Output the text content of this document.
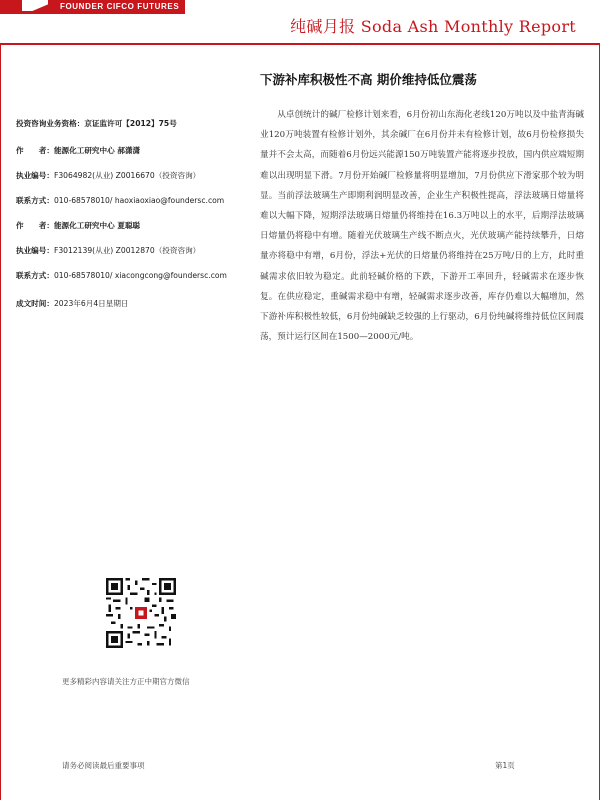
FOUNDER CIFCO FUTURES
纯碱月报 Soda Ash Monthly Report
下游补库积极性不高 期价维持低位震荡
投资咨询业务资格：京证监许可【2012】75号
作　　者：能源化工研究中心 郝潇潇
执业编号：F3064982(从业) Z0016670（投资咨询）
联系方式：010-68578010/ haoxiaoxiao@foundersc.com
作　　者：能源化工研究中心 夏聪聪
执业编号：F3012139(从业) Z0012870（投资咨询）
联系方式：010-68578010/ xiacongcong@foundersc.com
成文时间：2023年6月4日星期日
从卓创统计的碱厂检修计划来看，6月份初山东海化老线120万吨以及中盐青海碱业120万吨装置有检修计划外，其余碱厂在6月份并未有检修计划，故6月份检修损失量并不会太高，而随着6月份远兴能源150万吨装置产能将逐步投放，国内供应端短期难以出现明显下滑。7月份开始碱厂检修量将明显增加，7月份供应下滑家那个较为明显。当前浮法玻璃生产即期利润明显改善，企业生产积极性提高，浮法玻璃日熔量将难以大幅下降，短期浮法玻璃日熔量仍将维持在16.3万吨以上的水平，后期浮法玻璃日熔量仍将稳中有增。随着光伏玻璃生产线不断点火，光伏玻璃产能持续攀升，日熔量亦将稳中有增，6月份，浮法+光伏的日熔量仍将维持在25万吨/日的上方，此时重碱需求依旧较为稳定。此前轻碱价格的下跌，下游开工率回升，轻碱需求在逐步恢复。在供应稳定，重碱需求稳中有增，轻碱需求逐步改善，库存仍难以大幅增加，然下游补库积极性较低，6月份纯碱缺乏较强的上行驱动，6月份纯碱将维持低位区间震荡，预计运行区间在1500—2000元/吨。
更多精彩内容请关注方正中期官方微信
请务必阅读最后重要事项	第1页
